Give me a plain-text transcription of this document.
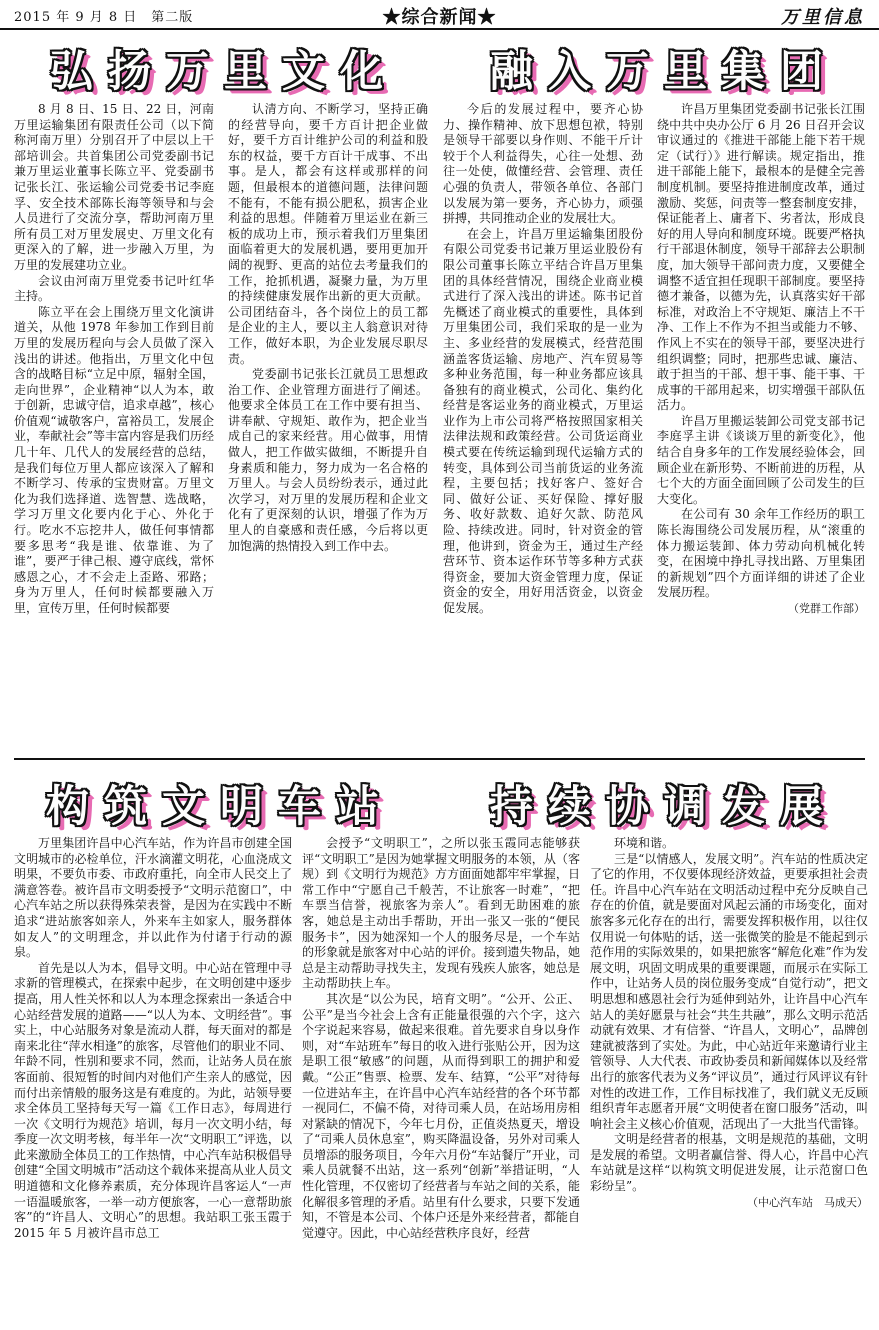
2015 年 9 月 8 日　第二版	★综合新闻★	万里信息
弘扬万里文化 融入万里集团

8 月 8 日、15 日、22 日，河南万里运输集团有限责任公司（以下简称河南万里）分别召开了中层以上干部培训会。共首集团公司党委副书记兼万里运业董事长陈立平、党委副书记张长江、张运输公司党委书记李庭孚、安全技术部陈长海等领导和与会人员进行了交流分享，帮助河南万里所有员工对万里发展史、万里文化有更深入的了解，进一步融入万里，为万里的发展建功立业。

会议由河南万里党委书记叶红华主持。

陈立平在会上围绕万里文化演讲道关，从他 1978 年参加工作到目前万里的发展历程向与会人员做了深入浅出的讲述。他指出，万里文化中包含的战略目标“立足中原，辐射全国，走向世界”，企业精神“以人为本，敢于创新，忠诚守信，追求卓越”，核心价值观“诚敬客户，富裕员工，发展企业，奉献社会”等丰富内容是我们历经几十年、几代人的发展经营的总结，是我们每位万里人都应该深入了解和不断学习、传承的宝贵财富。万里文化为我们选择道、选智慧、选战略，学习万里文化要内化于心、外化于行。吃水不忘挖井人，做任何事情都要多思考“我是谁、依靠谁、为了谁”，要严于律己根、遵守底线，常怀感恩之心，才不会走上歪路、邪路；身为万里人，任何时候都要融入万里，宣传万里，任何时候都要

认清方向、不断学习，坚持正确的经营导向，要千方百计把企业做好，要千方百计维护公司的利益和股东的权益，要千方百计干成事、不出事。是人，都会有这样或那样的问题，但最根本的道德问题，法律问题不能有，不能有损公肥私，损害企业利益的思想。伴随着万里运业在新三板的成功上市，预示着我们万里集团面临着更大的发展机遇，要用更加开阔的视野、更高的站位去考量我们的工作，抢抓机遇，凝聚力量，为万里的持续健康发展作出新的更大贡献。公司团结奋斗，各个岗位上的员工都是企业的主人，要以主人翁意识对待工作，做好本职，为企业发展尽职尽责。

党委副书记张长江就员工思想政治工作、企业管理方面进行了阐述。他要求全体员工在工作中要有担当、讲奉献、守规矩、敢作为，把企业当成自己的家来经营。用心做事，用情做人，把工作做实做细，不断提升自身素质和能力，努力成为一名合格的万里人。与会人员纷纷表示，通过此次学习，对万里的发展历程和企业文化有了更深刻的认识，增强了作为万里人的自豪感和责任感，今后将以更加饱满的热情投入到工作中去。

今后的发展过程中，要齐心协力、操作精神、放下思想包袱，特别是领导干部要以身作则、不能干斤计较于个人利益得失，心往一处想、劲往一处使，做懂经营、会管理、责任心强的负责人，带领各单位、各部门以发展为第一要务，齐心协力，顽强拼搏，共同推动企业的发展壮大。

在会上，许昌万里运输集团股份有限公司党委书记兼万里运业股份有限公司董事长陈立平结合许昌万里集团的具体经营情况，围绕企业商业模式进行了深入浅出的讲述。陈书记首先概述了商业模式的重要性，具体到万里集团公司，我们采取的是一业为主、多业经营的发展模式，经营范围涵盖客货运输、房地产、汽车贸易等多种业务范围，每一种业务都应该具备独有的商业模式，公司化、集约化经营是客运业务的商业模式，万里运业作为上市公司将严格按照国家相关法律法规和政策经营。公司货运商业模式要在传统运输到现代运输方式的转变，具体到公司当前货运的业务流程，主要包括；找好客户、签好合同、做好公证、买好保险、撑好服务、收好款数、追好欠款、防范风险、持续改进。同时，针对资金的管理，他讲到，资金为王，通过生产经营环节、资本运作环节等多种方式获得资金，要加大资金管理力度，保证资金的安全，用好用活资金，以资金促发展。

许昌万里集团党委副书记张长江围绕中共中央办公厅 6 月 26 日召开会议审议通过的《推进干部能上能下若干规定（试行）》进行解读。规定指出，推进干部能上能下，最根本的是健全完善制度机制。要坚持推进制度改革，通过激励、奖惩，问责等一整套制度安排，保证能者上、庸者下、劣者汰，形成良好的用人导向和制度环境。既要严格执行干部退休制度，领导干部辞去公职制度，加大领导干部问责力度，又要健全调整不适宜担任现职干部制度。要坚持德才兼备，以德为先，认真落实好干部标准，对政治上不守规矩、廉洁上不干净、工作上不作为不担当或能力不够、作风上不实在的领导干部，要坚决进行组织调整；同时，把那些忠诚、廉洁、敢于担当的干部、想干事、能干事、干成事的干部用起来，切实增强干部队伍活力。

许昌万里搬运装卸公司党支部书记李庭孚主讲《谈谈万里的新变化》，他结合自身多年的工作发展经验体会，回顾企业在新形势、不断前进的历程，从七个大的方面全面回顾了公司发生的巨大变化。

在公司有 30 余年工作经历的职工陈长海围绕公司发展历程，从“滚重的体力搬运装卸、体力劳动向机械化转变，在困境中挣扎寻找出路、万里集团的新规划”四个方面详细的讲述了企业发展历程。

（党群工作部）
构筑文明车站 持续协调发展

万里集团许昌中心汽车站，作为许昌市创建全国文明城市的必检单位，汗水滴灌文明花，心血浇成文明果，不要负市委、市政府重托，向全市人民交上了满意答卷。被许昌市文明委授予“文明示范窗口”，中心汽车站之所以获得殊荣表誉，是因为在实践中不断追求“进站旅客如亲人，外来车主如家人，服务群体如友人”的文明理念，并以此作为付诸于行动的源泉。

首先是以人为本，倡导文明。中心站在管理中寻求新的管理模式，在探索中起步，在文明创建中逐步提高，用人性关怀和以人为本理念探索出一条适合中心站经营发展的道路——“以人为本、文明经营”。事实上，中心站服务对象是流动人群，每天面对的都是南来北往“萍水相逢”的旅客，尽管他们的职业不同、年龄不同，性别和要求不同，然而，让站务人员在旅客面前、很短暂的时间内对他们产生亲人的感觉，因而付出亲情般的服务这是有难度的。为此，站领导要求全体员工坚持每天写一篇《工作日志》，每周进行一次《文明行为规范》培训，每月一次文明小结，每季度一次文明考核，每半年一次“文明职工”评选，以此来激励全体员工的工作热情，中心汽车站积极倡导创建“全国文明城市”活动这个载体来提高从业人员文明道德和文化修养素质，充分体现许昌客运人“一声一语温暖旅客，一举一动方便旅客，一心一意帮助旅客”的“许昌人、文明心”的思想。我站职工张玉霞于 2015 年 5 月被许昌市总工

会授予“文明职工”，之所以张玉霞同志能够获评“文明职工”是因为她掌握文明服务的本领，从（客规）到《文明行为规范》方方面面她都牢牢掌握，日常工作中“宁愿自己千般苦，不让旅客一时难”，“把车票当信誉，视旅客为亲人”。看到无助困难的旅客，她总是主动出手帮助，开出一张又一张的“便民服务卡”，因为她深知一个人的服务尽是，一个车站的形象就是旅客对中心站的评价。接到遗失物品，她总是主动帮助寻找失主，发现有残疾人旅客，她总是主动帮助扶上车。

其次是“以公为民，培育文明”。“公开、公正、公平”是当今社会上含有正能量很强的六个字，这六个字说起来容易，做起来很难。首先要求自身以身作则，对“车站班车”每日的收入进行张贴公开，因为这是职工很“敏感”的问题，从而得到职工的拥护和爱戴。“公正”售票、检票、发车、结算，“公平”对待每一位进站车主，在许昌中心汽车站经营的各个环节都一视同仁，不偏不倚，对待司乘人员，在站场用房相对紧缺的情况下，今年七月份，正值炎热夏天，增设了“司乘人员休息室”，购买降温设备，另外对司乘人员增添的服务项目，今年六月份“车站餐厅”开业，司乘人员就餐不出站，这一系列“创新”举措证明，“人性化管理，不仅密切了经营者与车站之间的关系，能化解很多管理的矛盾。站里有什么要求，只要下发通知，不管是本公司、个体户还是外来经营者，都能自觉遵守。因此，中心站经营秩序良好，经营

环境和谐。

三是“以情感人，发展文明”。汽车站的性质决定了它的作用，不仅要体现经济效益，更要承担社会责任。许昌中心汽车站在文明活动过程中充分反映自己存在的价值，就是要面对风起云涌的市场变化，面对旅客多元化存在的出行，需要发挥积极作用，以往仅仅用说一句体贴的话，送一张微笑的脸是不能起到示范作用的实际效果的，如果把旅客“解危化难”作为发展文明，巩固文明成果的重要课题，而展示在实际工作中，让站务人员的岗位服务变成“自觉行动”，把文明思想和感恩社会行为延伸到站外，让许昌中心汽车站人的美好愿景与社会“共生共融”，那么文明示范活动就有效果、才有信誉、“许昌人，文明心”，品牌创建就被落到了实处。为此，中心站近年来邀请行业主管领导、人大代表、市政协委员和新闻媒体以及经常出行的旅客代表为义务“评议员”，通过行风评议有针对性的改进工作，工作目标找准了，我们就义无反顾组织青年志愿者开展“文明使者在窗口服务”活动，叫响社会主义核心价值观，活现出了一大批当代雷锋。

文明是经营者的根基，文明是规范的基础，文明是发展的希望。文明者赢信誉、得人心，许昌中心汽车站就是这样“以构筑文明促进发展，让示范窗口色彩纷呈”。

（中心汽车站　马成天）
